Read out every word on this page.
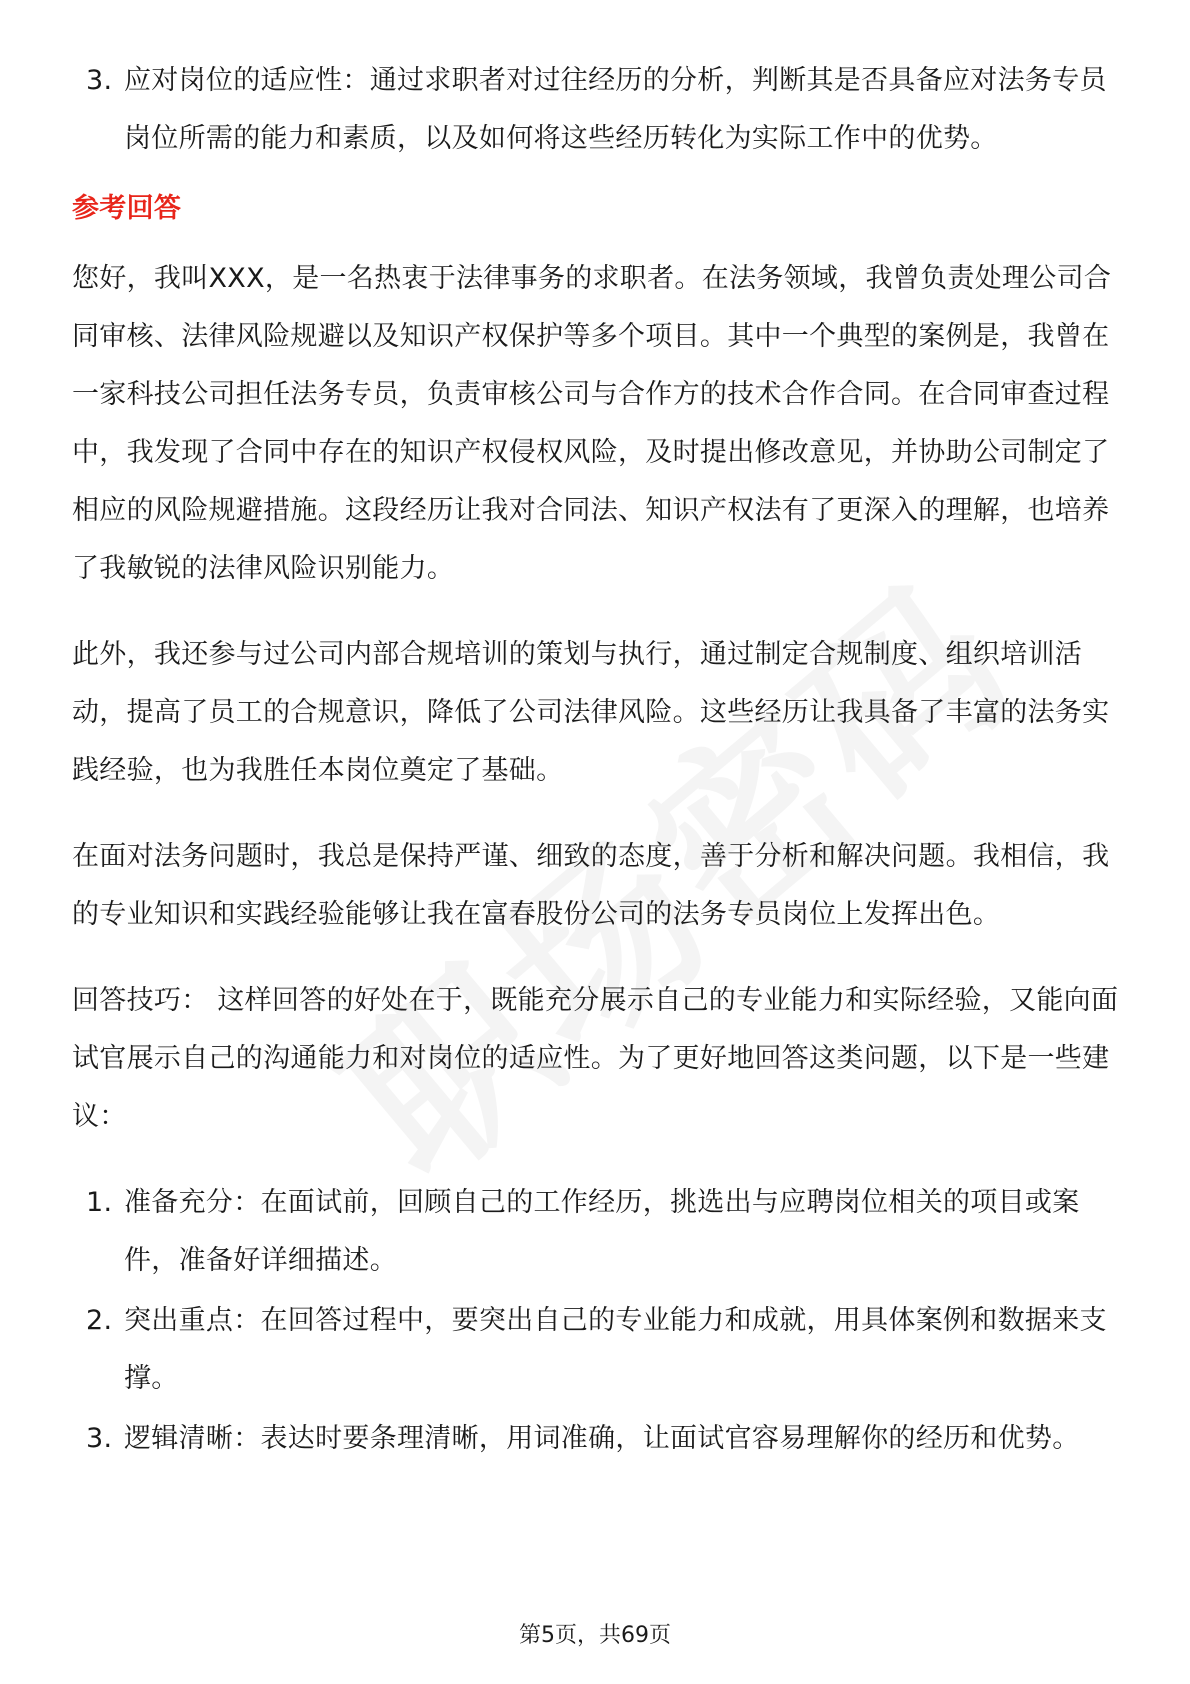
3. 应对岗位的适应性：通过求职者对过往经历的分析，判断其是否具备应对法务专员岗位所需的能力和素质，以及如何将这些经历转化为实际工作中的优势。
参考回答

您好，我叫XXX，是一名热衷于法律事务的求职者。在法务领域，我曾负责处理公司合同审核、法律风险规避以及知识产权保护等多个项目。其中一个典型的案例是，我曾在一家科技公司担任法务专员，负责审核公司与合作方的技术合作合同。在合同审查过程中，我发现了合同中存在的知识产权侵权风险，及时提出修改意见，并协助公司制定了相应的风险规避措施。这段经历让我对合同法、知识产权法有了更深入的理解，也培养了我敏锐的法律风险识别能力。

此外，我还参与过公司内部合规培训的策划与执行，通过制定合规制度、组织培训活动，提高了员工的合规意识，降低了公司法律风险。这些经历让我具备了丰富的法务实践经验，也为我胜任本岗位奠定了基础。

在面对法务问题时，我总是保持严谨、细致的态度，善于分析和解决问题。我相信，我的专业知识和实践经验能够让我在富春股份公司的法务专员岗位上发挥出色。

回答技巧： 这样回答的好处在于，既能充分展示自己的专业能力和实际经验，又能向面试官展示自己的沟通能力和对岗位的适应性。为了更好地回答这类问题，以下是一些建议：

1. 准备充分：在面试前，回顾自己的工作经历，挑选出与应聘岗位相关的项目或案件，准备好详细描述。
2. 突出重点：在回答过程中，要突出自己的专业能力和成就，用具体案例和数据来支撑。
3. 逻辑清晰：表达时要条理清晰，用词准确，让面试官容易理解你的经历和优势。
第5页，共69页
